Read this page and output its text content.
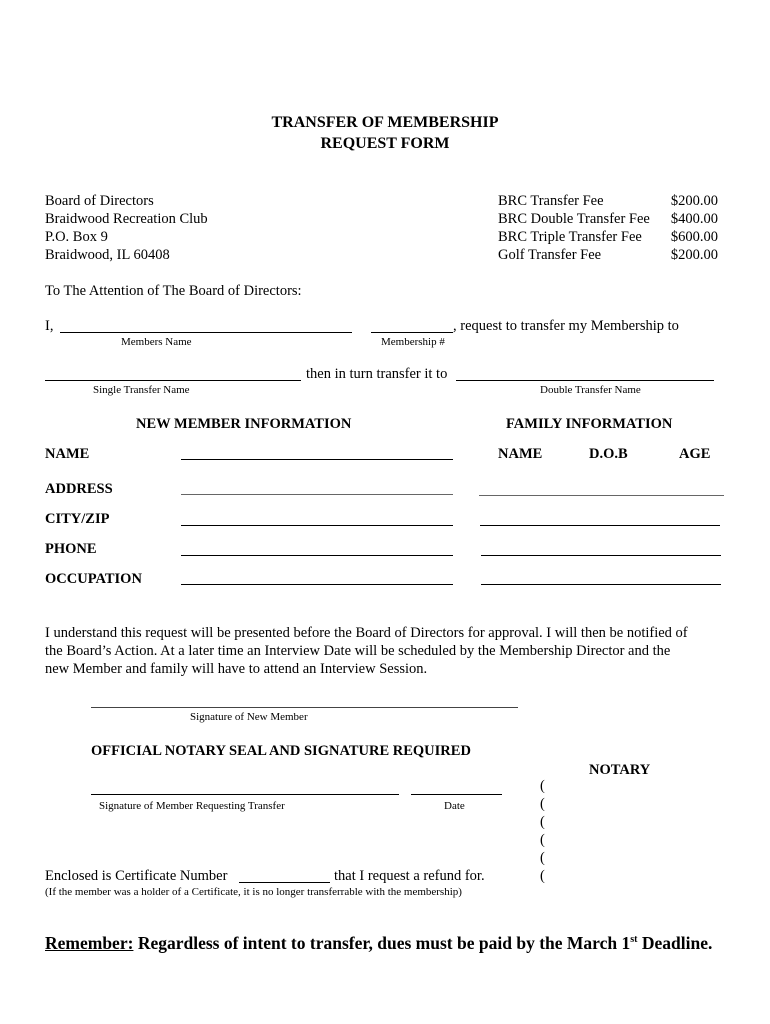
TRANSFER OF MEMBERSHIP
REQUEST FORM
Board of Directors
Braidwood Recreation Club
P.O. Box 9
Braidwood, IL 60408
BRC Transfer Fee	$200.00
BRC Double Transfer Fee $400.00
BRC Triple Transfer Fee $600.00
Golf Transfer Fee	$200.00
To The Attention of The Board of Directors:
I,	, request to transfer my Membership to
Members Name	Membership #
then in turn transfer it to
Single Transfer Name	Double Transfer Name
NEW MEMBER INFORMATION	FAMILY INFORMATION
NAME
ADDRESS
CITY/ZIP
PHONE
OCCUPATION
NAME	D.O.B	AGE
I understand this request will be presented before the Board of Directors for approval. I will then be notified of
the Board’s Action. At a later time an Interview Date will be scheduled by the Membership Director and the
new Member and family will have to attend an Interview Session.
Signature of New Member
OFFICIAL NOTARY SEAL AND SIGNATURE REQUIRED
NOTARY
Signature of Member Requesting Transfer	Date
(
(
(
(
(
(
Enclosed is Certificate Number	that I request a refund for.
(If the member was a holder of a Certificate, it is no longer transferrable with the membership)
Remember: Regardless of intent to transfer, dues must be paid by the March 1st Deadline.
